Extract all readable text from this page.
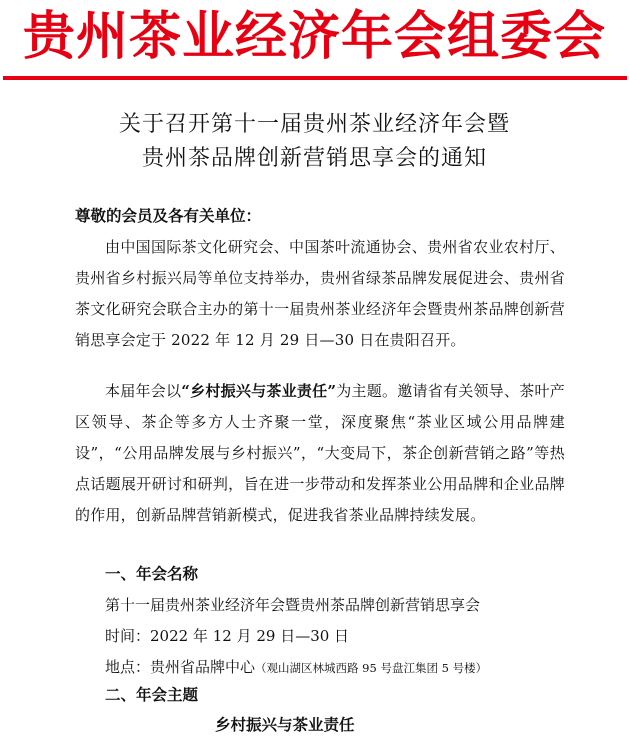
贵州茶业经济年会组委会
关于召开第十一届贵州茶业经济年会暨
贵州茶品牌创新营销思享会的通知
尊敬的会员及各有关单位：
由中国国际茶文化研究会、中国茶叶流通协会、贵州省农业农村厅、贵州省乡村振兴局等单位支持举办，贵州省绿茶品牌发展促进会、贵州省茶文化研究会联合主办的第十一届贵州茶业经济年会暨贵州茶品牌创新营销思享会定于 2022 年 12 月 29 日—30 日在贵阳召开。
本届年会以“乡村振兴与茶业责任”为主题。邀请省有关领导、茶叶产区领导、茶企等多方人士齐聚一堂，深度聚焦“茶业区域公用品牌建设”，“公用品牌发展与乡村振兴”，“大变局下，茶企创新营销之路”等热点话题展开研讨和研判，旨在进一步带动和发挥茶业公用品牌和企业品牌的作用，创新品牌营销新模式，促进我省茶业品牌持续发展。
一、年会名称
第十一届贵州茶业经济年会暨贵州茶品牌创新营销思享会
时间：2022 年 12 月 29 日—30 日
地点：贵州省品牌中心（观山湖区林城西路 95 号盘江集团 5 号楼）
二、年会主题
乡村振兴与茶业责任
